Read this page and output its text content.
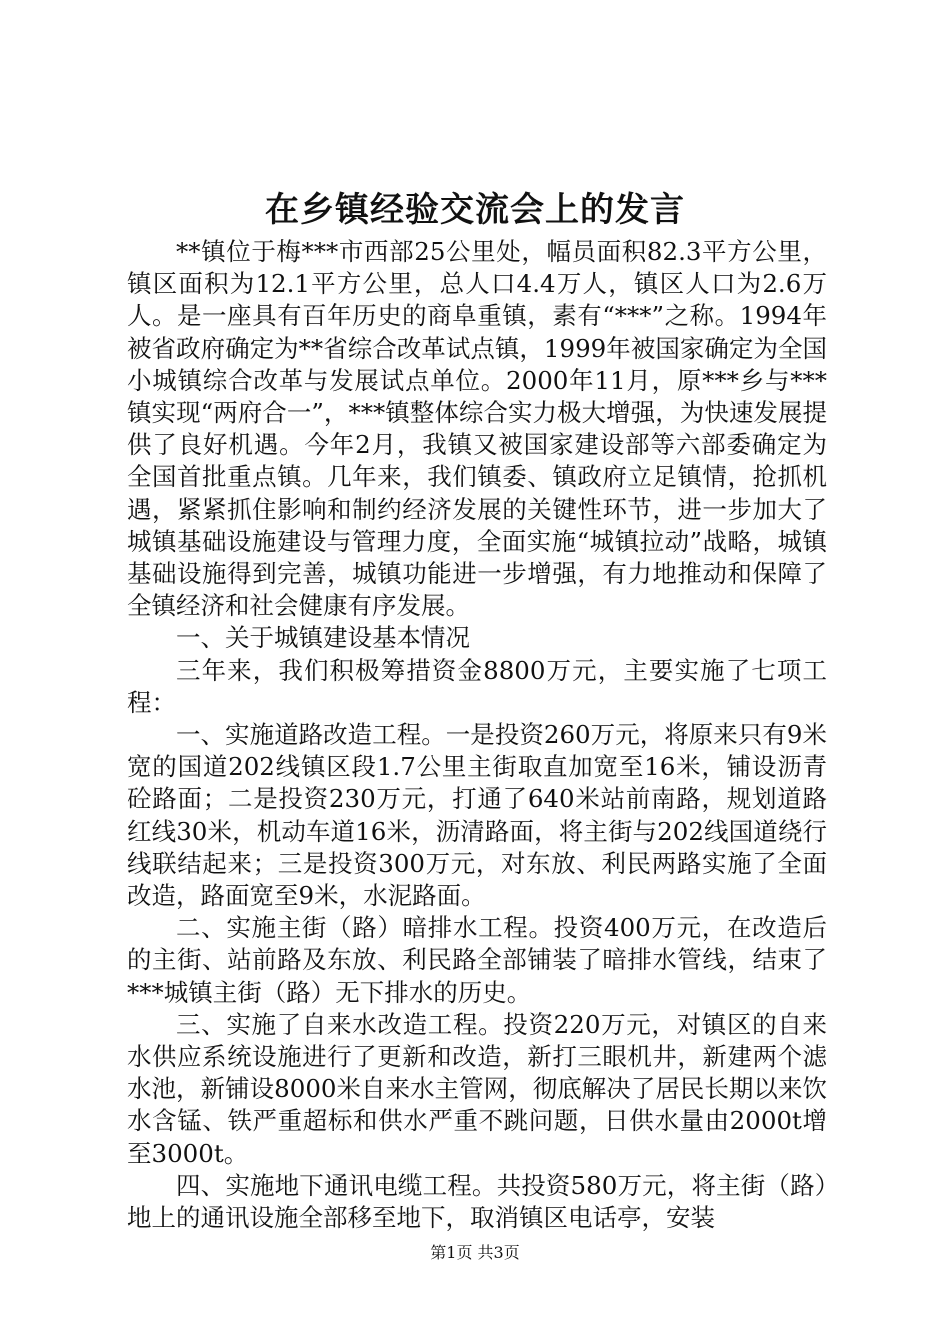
在乡镇经验交流会上的发言

**镇位于梅***市西部25公里处，幅员面积82.3平方公里，镇区面积为12.1平方公里，总人口4.4万人，镇区人口为2.6万人。是一座具有百年历史的商阜重镇，素有“***”之称。1994年被省政府确定为**省综合改革试点镇，1999年被国家确定为全国小城镇综合改革与发展试点单位。2000年11月，原***乡与***镇实现“两府合一”，***镇整体综合实力极大增强，为快速发展提供了良好机遇。今年2月，我镇又被国家建设部等六部委确定为全国首批重点镇。几年来，我们镇委、镇政府立足镇情，抢抓机遇，紧紧抓住影响和制约经济发展的关键性环节，进一步加大了城镇基础设施建设与管理力度，全面实施“城镇拉动”战略，城镇基础设施得到完善，城镇功能进一步增强，有力地推动和保障了全镇经济和社会健康有序发展。

一、关于城镇建设基本情况

三年来，我们积极筹措资金8800万元，主要实施了七项工程：

一、实施道路改造工程。一是投资260万元，将原来只有9米宽的国道202线镇区段1.7公里主街取直加宽至16米，铺设沥青砼路面；二是投资230万元，打通了640米站前南路，规划道路红线30米，机动车道16米，沥清路面，将主街与202线国道绕行线联结起来；三是投资300万元，对东放、利民两路实施了全面改造，路面宽至9米，水泥路面。

二、实施主街（路）暗排水工程。投资400万元，在改造后的主街、站前路及东放、利民路全部铺装了暗排水管线，结束了***城镇主街（路）无下排水的历史。

三、实施了自来水改造工程。投资220万元，对镇区的自来水供应系统设施进行了更新和改造，新打三眼机井，新建两个滤水池，新铺设8000米自来水主管网，彻底解决了居民长期以来饮水含锰、铁严重超标和供水严重不跳问题，日供水量由2000t增至3000t。

四、实施地下通讯电缆工程。共投资580万元，将主街（路）地上的通讯设施全部移至地下，取消镇区电话亭，安装

第1页 共3页
